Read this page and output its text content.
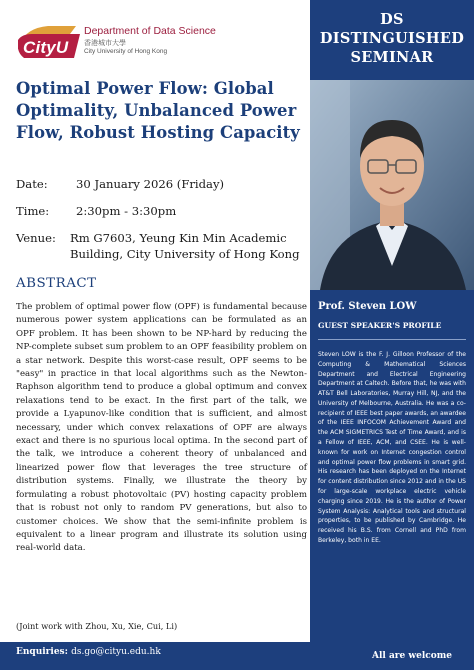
CityU
Department of Data Science
香港城市大學
City University of Hong Kong
Optimal Power Flow: Global Optimality, Unbalanced Power Flow, Robust Hosting Capacity
Date:	30 January 2026 (Friday)
Time:	2:30pm - 3:30pm
Venue:	Rm G7603, Yeung Kin Min Academic Building, City University of Hong Kong
ABSTRACT
The problem of optimal power flow (OPF) is fundamental because numerous power system applications can be formulated as an OPF problem. It has been shown to be NP-hard by reducing the NP-complete subset sum problem to an OPF feasibility problem on a star network. Despite this worst-case result, OPF seems to be "easy" in practice in that local algorithms such as the Newton-Raphson algorithm tend to produce a global optimum and convex relaxations tend to be exact. In the first part of the talk, we provide a Lyapunov-like condition that is sufficient, and almost necessary, under which convex relaxations of OPF are always exact and there is no spurious local optima. In the second part of the talk, we introduce a coherent theory of unbalanced and linearized power flow that leverages the tree structure of distribution systems. Finally, we illustrate the theory by formulating a robust photovoltaic (PV) hosting capacity problem that is robust not only to random PV generations, but also to customer choices. We show that the semi-infinite problem is equivalent to a linear program and illustrate its solution using real-world data.
(Joint work with Zhou, Xu, Xie, Cui, Li)
DS
DISTINGUISHED
SEMINAR
Prof. Steven LOW
GUEST SPEAKER'S PROFILE
Steven LOW is the F. J. Gilloon Professor of the Computing & Mathematical Sciences Department and Electrical Engineering Department at Caltech. Before that, he was with AT&T Bell Laboratories, Murray Hill, NJ, and the University of Melbourne, Australia. He was a co-recipient of IEEE best paper awards, an awardee of the IEEE INFOCOM Achievement Award and the ACM SIGMETRICS Test of Time Award, and is a Fellow of IEEE, ACM, and CSEE. He is well-known for work on Internet congestion control and optimal power flow problems in smart grid. His research has been deployed on the Internet for content distribution since 2012 and in the US for large-scale workplace electric vehicle charging since 2019. He is the author of Power System Analysis: Analytical tools and structural properties, to be published by Cambridge. He received his B.S. from Cornell and PhD from Berkeley, both in EE.
Enquiries: ds.go@cityu.edu.hk	All are welcome
